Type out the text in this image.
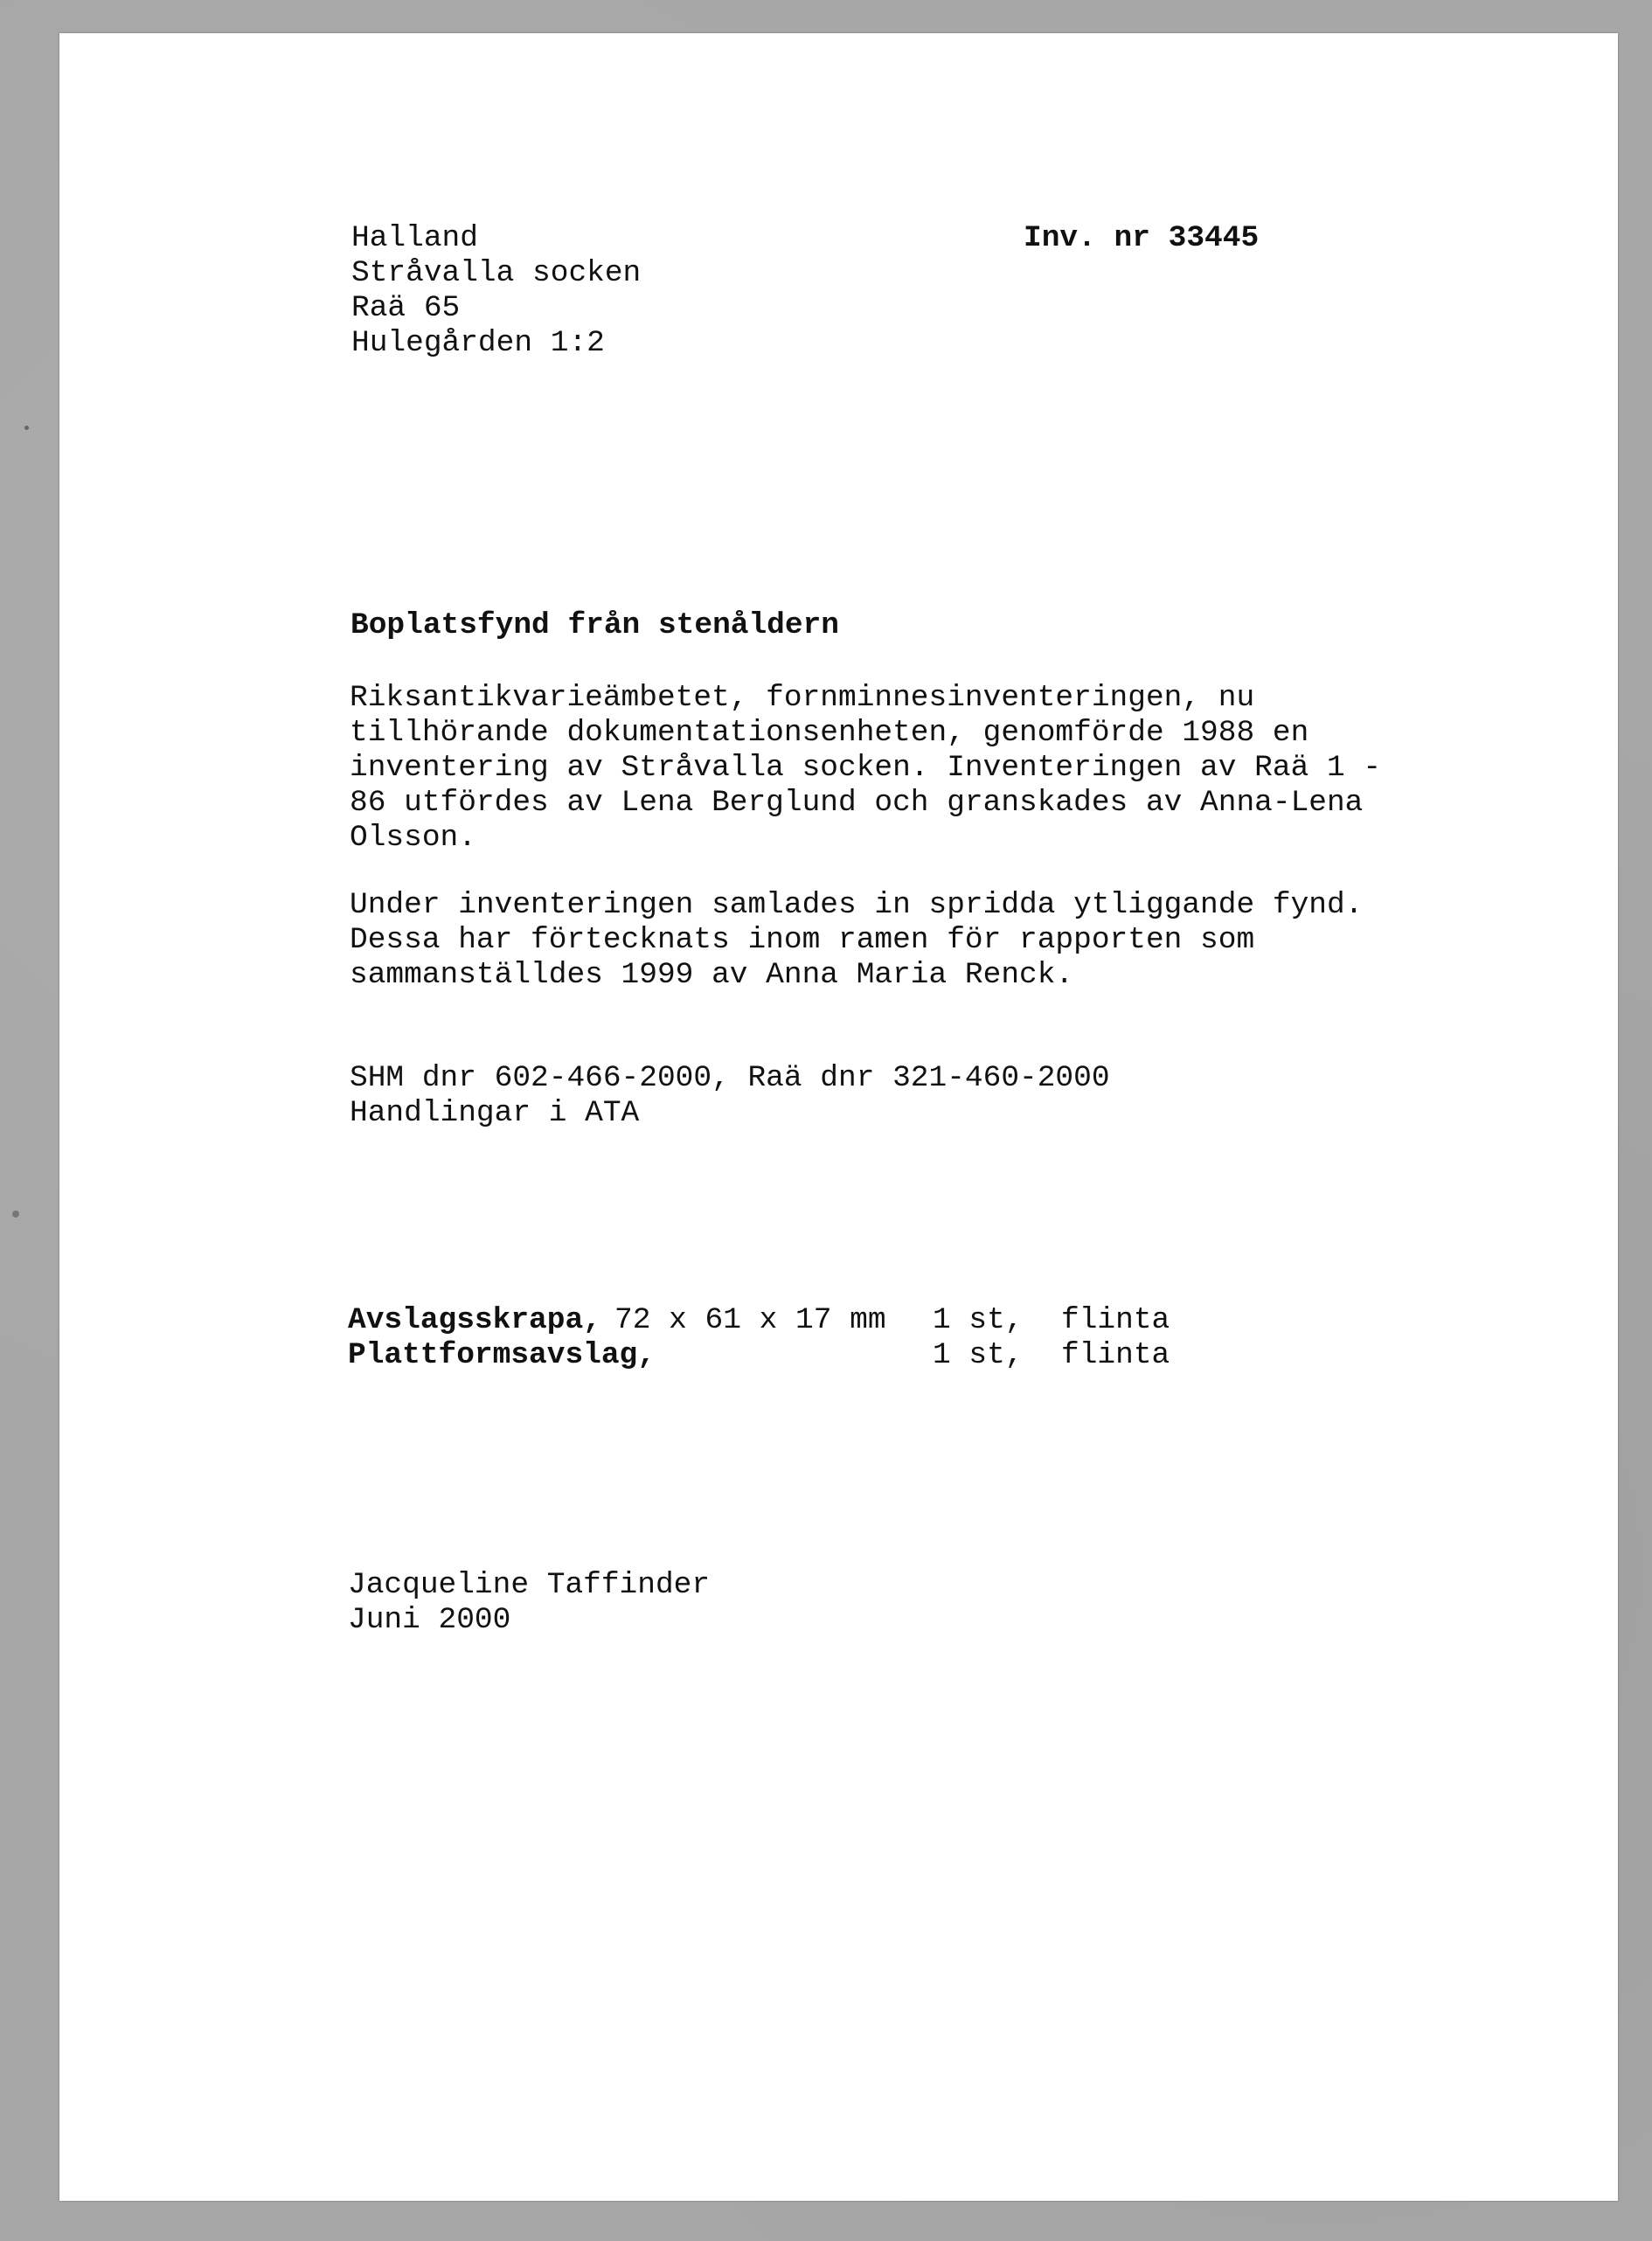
Halland
Stråvalla socken
Raä 65
Hulegården 1:2
Inv. nr 33445
Boplatsfynd från stenåldern
Riksantikvarieämbetet, fornminnesinventeringen, nu
tillhörande dokumentationsenheten, genomförde 1988 en
inventering av Stråvalla socken. Inventeringen av Raä 1 -
86 utfördes av Lena Berglund och granskades av Anna-Lena
Olsson.
Under inventeringen samlades in spridda ytliggande fynd.
Dessa har förtecknats inom ramen för rapporten som
sammanställdes 1999 av Anna Maria Renck.
SHM dnr 602-466-2000, Raä dnr 321-460-2000
Handlingar i ATA
Avslagsskrapa, 72 x 61 x 17 mm 1 st, flinta
Plattformsavslag,	1 st, flinta
Jacqueline Taffinder
Juni 2000
